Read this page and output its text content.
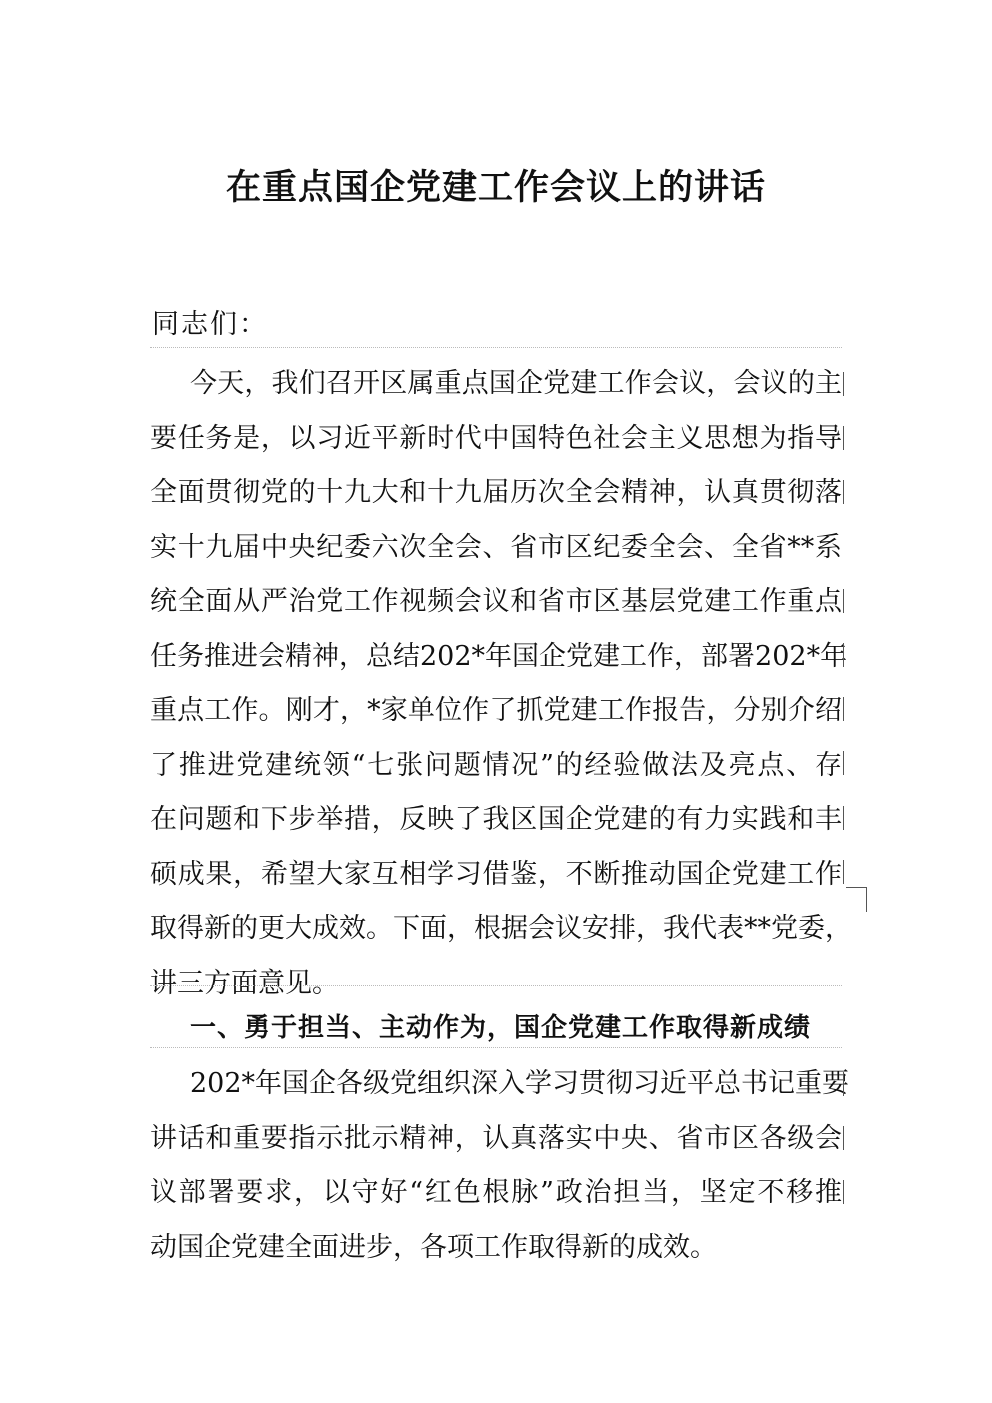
在重点国企党建工作会议上的讲话
同志们：
今天，我们召开区属重点国企党建工作会议，会议的主
要任务是，以习近平新时代中国特色社会主义思想为指导
全面贯彻党的十九大和十九届历次全会精神，认真贯彻落
实十九届中央纪委六次全会、省市区纪委全会、全省**系
统全面从严治党工作视频会议和省市区基层党建工作重点
任务推进会精神，总结202*年国企党建工作，部署202*年
重点工作。刚才，*家单位作了抓党建工作报告，分别介绍
了推进党建统领“七张问题情况”的经验做法及亮点、存
在问题和下步举措，反映了我区国企党建的有力实践和丰
硕成果，希望大家互相学习借鉴，不断推动国企党建工作
取得新的更大成效。下面，根据会议安排，我代表**党委，
讲三方面意见。
一、勇于担当、主动作为，国企党建工作取得新成绩
202*年国企各级党组织深入学习贯彻习近平总书记重要
讲话和重要指示批示精神，认真落实中央、省市区各级会
议部署要求，以守好“红色根脉”政治担当，坚定不移推
动国企党建全面进步，各项工作取得新的成效。
